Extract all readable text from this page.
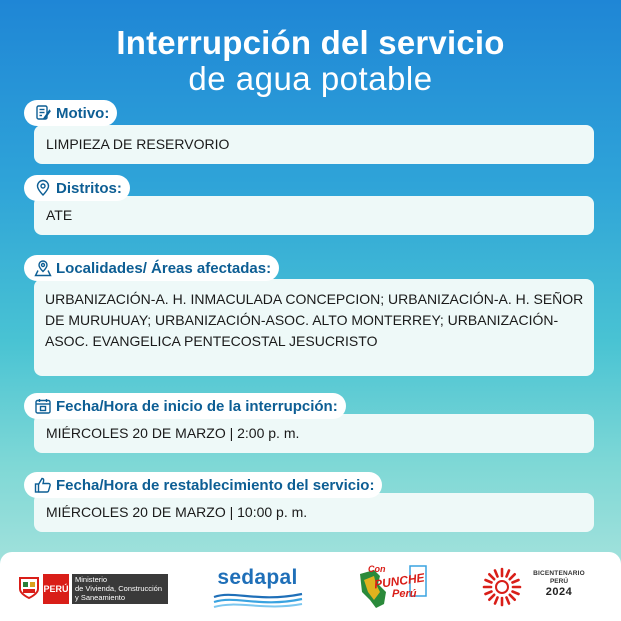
Interrupción del servicio
de agua potable
Motivo:
LIMPIEZA DE RESERVORIO
Distritos:
ATE
Localidades/ Áreas afectadas:
URBANIZACIÓN-A. H. INMACULADA CONCEPCION; URBANIZACIÓN-A. H. SEÑOR DE MURUHUAY; URBANIZACIÓN-ASOC. ALTO MONTERREY; URBANIZACIÓN-ASOC. EVANGELICA PENTECOSTAL JESUCRISTO
Fecha/Hora de inicio de la interrupción:
MIÉRCOLES 20 DE MARZO | 2:00 p. m.
Fecha/Hora de restablecimiento del servicio:
MIÉRCOLES 20 DE MARZO | 10:00 p. m.
PERÚ
Ministerio
de Vivienda, Construcción
y Saneamiento
sedapal	Con
PUNCHE
Perú
BICENTENARIO
PERÚ
2024
